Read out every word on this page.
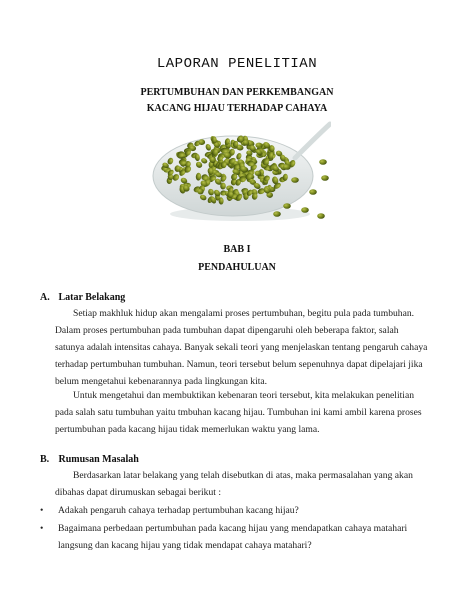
LAPORAN PENELITIAN
PERTUMBUHAN DAN PERKEMBANGAN
KACANG HIJAU TERHADAP CAHAYA
BAB I
PENDAHULUAN
A. Latar Belakang
Setiap makhluk hidup akan mengalami proses pertumbuhan, begitu pula pada tumbuhan.
Dalam proses pertumbuhan pada tumbuhan dapat dipengaruhi oleh beberapa faktor, salah
satunya adalah intensitas cahaya. Banyak sekali teori yang menjelaskan tentang pengaruh cahaya
terhadap pertumbuhan tumbuhan. Namun, teori tersebut belum sepenuhnya dapat dipelajari jika
belum mengetahui kebenarannya pada lingkungan kita.
Untuk mengetahui dan membuktikan kebenaran teori tersebut, kita melakukan penelitian
pada salah satu tumbuhan yaitu tmbuhan kacang hijau. Tumbuhan ini kami ambil karena proses
pertumbuhan pada kacang hijau tidak memerlukan waktu yang lama.
B. Rumusan Masalah
Berdasarkan latar belakang yang telah disebutkan di atas, maka permasalahan yang akan
dibahas dapat dirumuskan sebagai berikut :
•	Adakah pengaruh cahaya terhadap pertumbuhan kacang hijau?
•	Bagaimana perbedaan pertumbuhan pada kacang hijau yang mendapatkan cahaya matahari
langsung dan kacang hijau yang tidak mendapat cahaya matahari?
